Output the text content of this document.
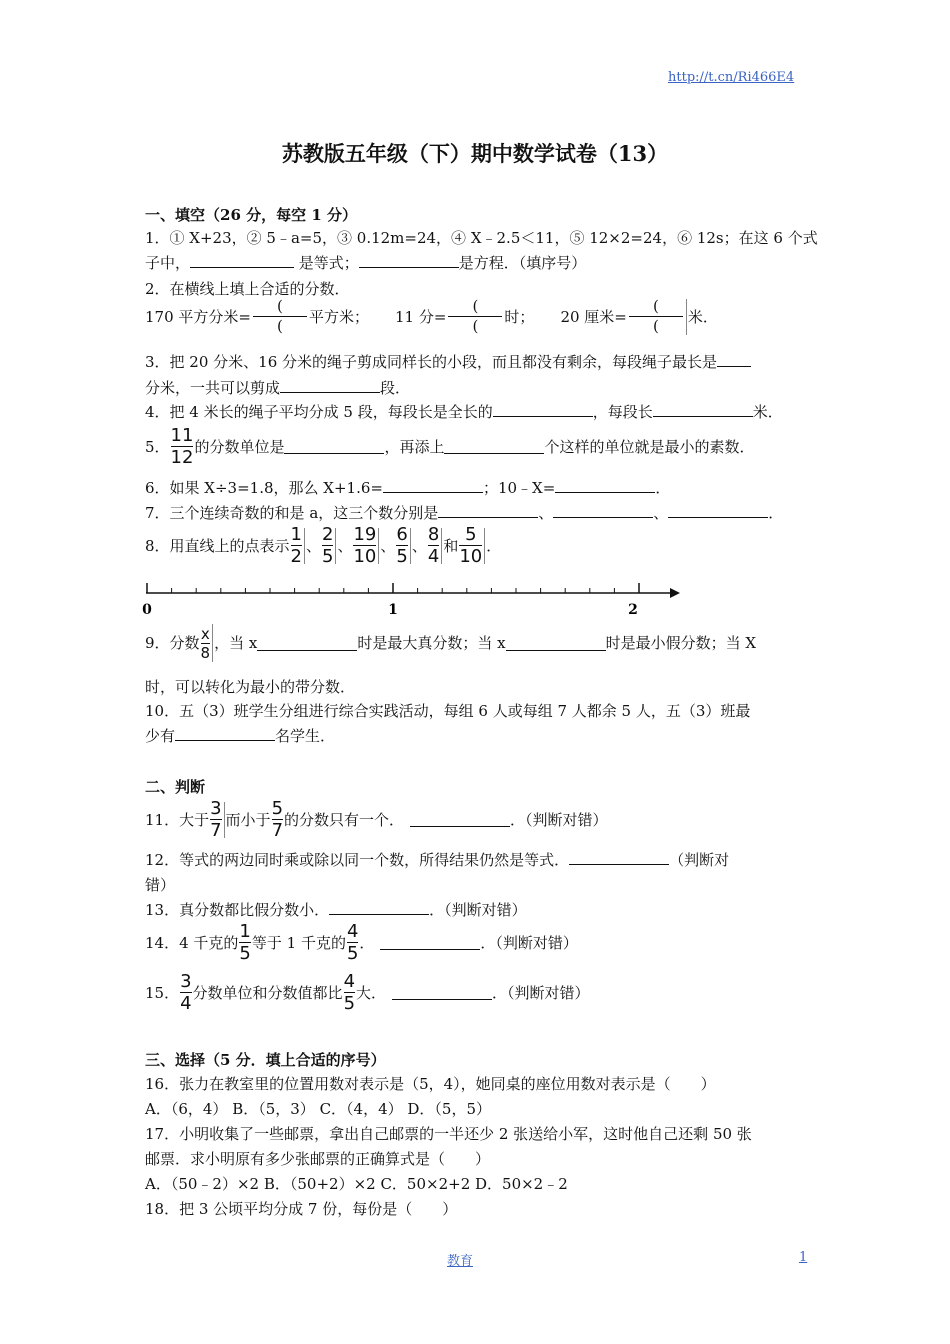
http://t.cn/Ri466E4
苏教版五年级（下）期中数学试卷（13）
一、填空（26 分，每空 1 分）
1．① X+23，② 5﹣a=5，③ 0.12m=24，④ X﹣2.5＜11，⑤ 12×2=24，⑥ 12s；在这 6 个式
子中，	是等式；	是方程．（填序号）
2．在横线上填上合适的分数．
170 平方分米=
(
(
平方米； 11 分=
(
(
时； 20 厘米=
(
(
米．
3．把 20 分米、16 分米的绳子剪成同样长的小段，而且都没有剩余，每段绳子最长是
分米，一共可以剪成	段．
4．把 4 米长的绳子平均分成 5 段，每段长是全长的	，每段长	米．
5．
11
12
的分数单位是	，再添上	个这样的单位就是最小的素数．
6．如果 X÷3=1.8，那么 X+1.6=	；10﹣X=	．
7．三个连续奇数的和是 a，这三个数分别是	、	、	．
8．用直线上的点表示
1
2
、
2
5
、
19
10
、
6
5
、
8
4
和
5
10
．
0	1	2
9．分数
x
8
，当 x	时是最大真分数；当 x	时是最小假分数；当 X
时，可以转化为最小的带分数．
10．五（3）班学生分组进行综合实践活动，每组 6 人或每组 7 人都余 5 人，五（3）班最
少有	名学生．
二、判断
11．大于
3
7
而小于
5
7
的分数只有一个．	．（判断对错）
12．等式的两边同时乘或除以同一个数，所得结果仍然是等式．	（判断对
错）
13．真分数都比假分数小．	．（判断对错）
14．4 千克的
1
5
等于 1 千克的
4
5
．	．（判断对错）
15．
3
4
分数单位和分数值都比
4
5
大．	．（判断对错）
三、选择（5 分．填上合适的序号）
16．张力在教室里的位置用数对表示是（5，4），她同桌的座位用数对表示是（　　）
A．（6，4） B．（5，3） C．（4，4） D．（5，5）
17．小明收集了一些邮票，拿出自己邮票的一半还少 2 张送给小军，这时他自己还剩 50 张
邮票．求小明原有多少张邮票的正确算式是（　　）
A．（50﹣2）×2 B．（50+2）×2 C．50×2+2 D．50×2﹣2
18．把 3 公顷平均分成 7 份，每份是（　　）
教育	1
